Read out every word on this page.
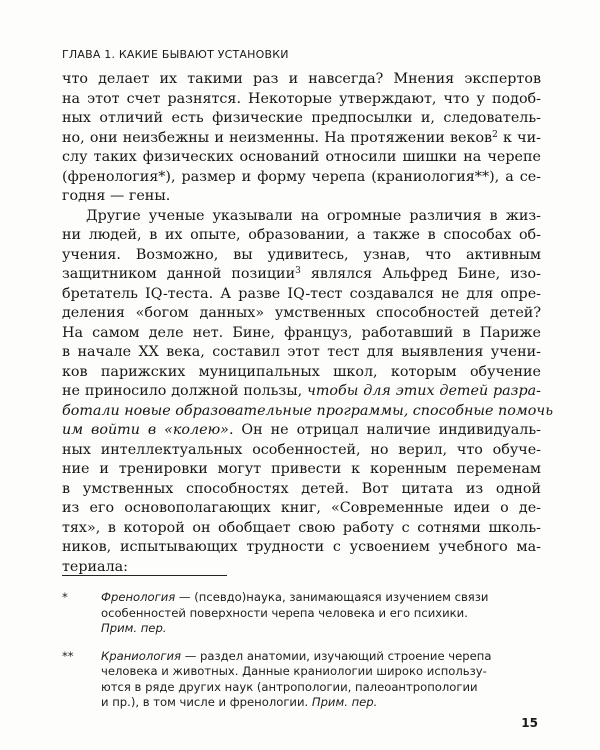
ГЛАВА 1. КАКИЕ БЫВАЮТ УСТАНОВКИ
что делает их такими раз и навсегда? Мнения экспертов
на этот счет разнятся. Некоторые утверждают, что у подоб-
ных отличий есть физические предпосылки и, следователь-
но, они неизбежны и неизменны. На протяжении веков$^2$ к чи-
слу таких физических оснований относили шишки на черепе
(френология*), размер и форму черепа (краниология**), а се-
годня — гены.
Другие ученые указывали на огромные различия в жиз-
ни людей, в их опыте, образовании, а также в способах об-
учения. Возможно, вы удивитесь, узнав, что активным
защитником данной позиции$^3$ являлся Альфред Бине, изо-
бретатель IQ-теста. А разве IQ-тест создавался не для опре-
деления «богом данных» умственных способностей детей?
На самом деле нет. Бине, француз, работавший в Париже
в начале XX века, составил этот тест для выявления учени-
ков парижских муниципальных школ, которым обучение
не приносило должной пользы, чтобы для этих детей разра-
ботали новые образовательные программы, способные помочь
им войти в «колею». Он не отрицал наличие индивидуаль-
ных интеллектуальных особенностей, но верил, что обуче-
ние и тренировки могут привести к коренным переменам
в умственных способностях детей. Вот цитата из одной
из его основополагающих книг, «Современные идеи о де-
тях», в которой он обобщает свою работу с сотнями школь-
ников, испытывающих трудности с усвоением учебного ма-
териала:
*	Френология — (псевдо)наука, занимающаяся изучением связи
особенностей поверхности черепа человека и его психики.
Прим. пер.
** Краниология — раздел анатомии, изучающий строение черепа
человека и животных. Данные краниологии широко использу-
ются в ряде других наук (антропологии, палеоантропологии
и пр.), в том числе и френологии. Прим. пер.
15
